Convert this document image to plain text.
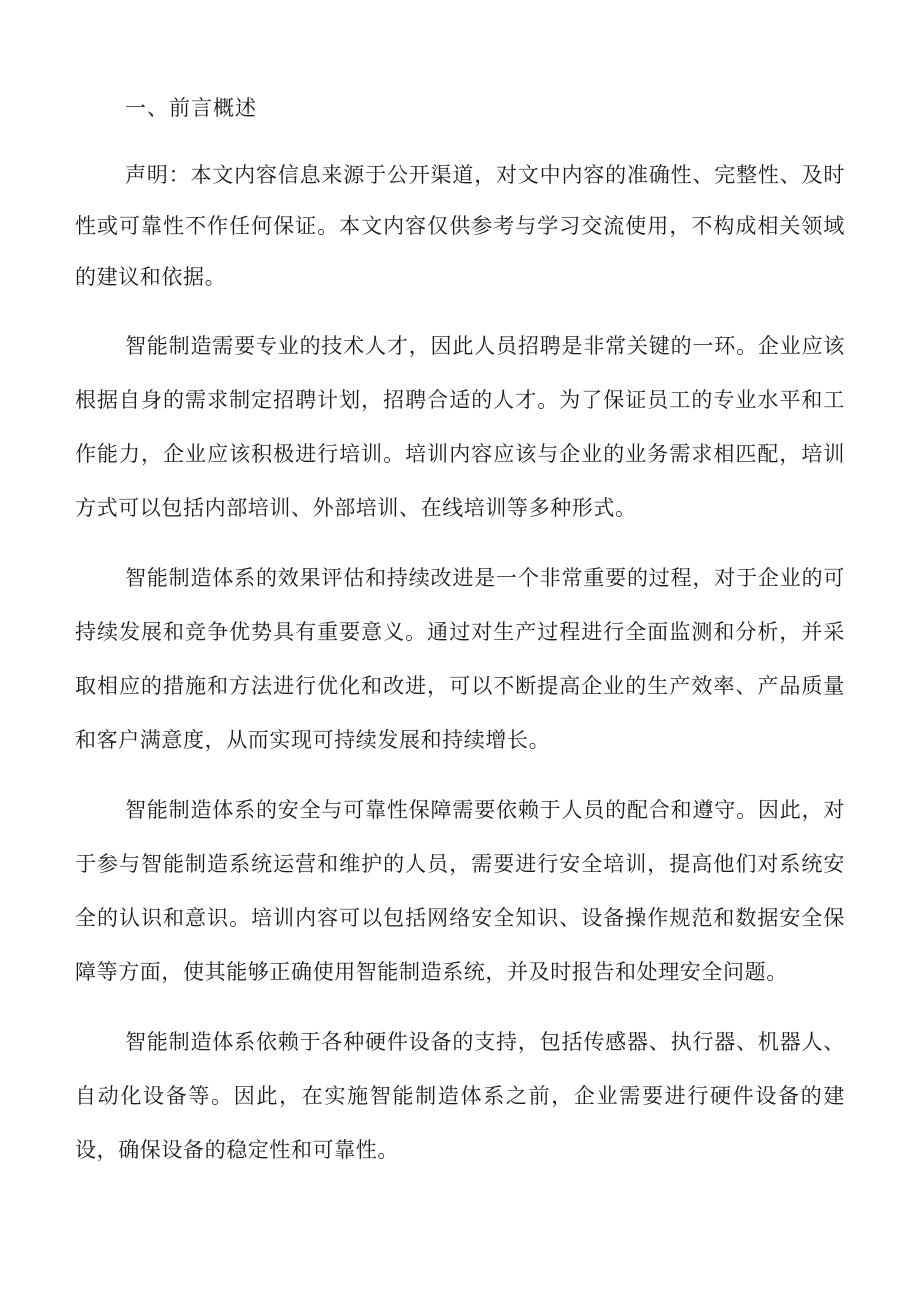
一、前言概述

声明：本文内容信息来源于公开渠道，对文中内容的准确性、完整性、及时性或可靠性不作任何保证。本文内容仅供参考与学习交流使用，不构成相关领域的建议和依据。

智能制造需要专业的技术人才，因此人员招聘是非常关键的一环。企业应该根据自身的需求制定招聘计划，招聘合适的人才。为了保证员工的专业水平和工作能力，企业应该积极进行培训。培训内容应该与企业的业务需求相匹配，培训方式可以包括内部培训、外部培训、在线培训等多种形式。

智能制造体系的效果评估和持续改进是一个非常重要的过程，对于企业的可持续发展和竞争优势具有重要意义。通过对生产过程进行全面监测和分析，并采取相应的措施和方法进行优化和改进，可以不断提高企业的生产效率、产品质量和客户满意度，从而实现可持续发展和持续增长。

智能制造体系的安全与可靠性保障需要依赖于人员的配合和遵守。因此，对于参与智能制造系统运营和维护的人员，需要进行安全培训，提高他们对系统安全的认识和意识。培训内容可以包括网络安全知识、设备操作规范和数据安全保障等方面，使其能够正确使用智能制造系统，并及时报告和处理安全问题。

智能制造体系依赖于各种硬件设备的支持，包括传感器、执行器、机器人、自动化设备等。因此，在实施智能制造体系之前，企业需要进行硬件设备的建设，确保设备的稳定性和可靠性。
